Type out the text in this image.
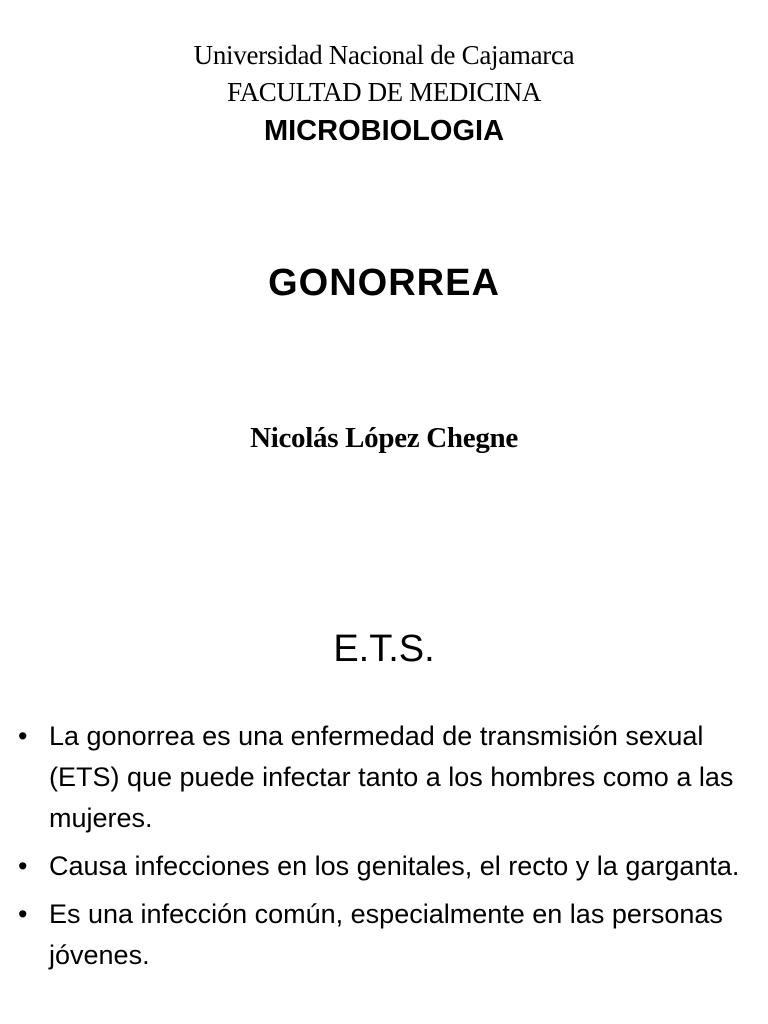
Universidad Nacional de Cajamarca
FACULTAD DE MEDICINA
MICROBIOLOGIA
GONORREA
Nicolás López Chegne
E.T.S.
• La gonorrea es una enfermedad de transmisión sexual (ETS) que puede infectar tanto a los hombres como a las mujeres.
• Causa infecciones en los genitales, el recto y la garganta.
• Es una infección común, especialmente en las personas jóvenes.
